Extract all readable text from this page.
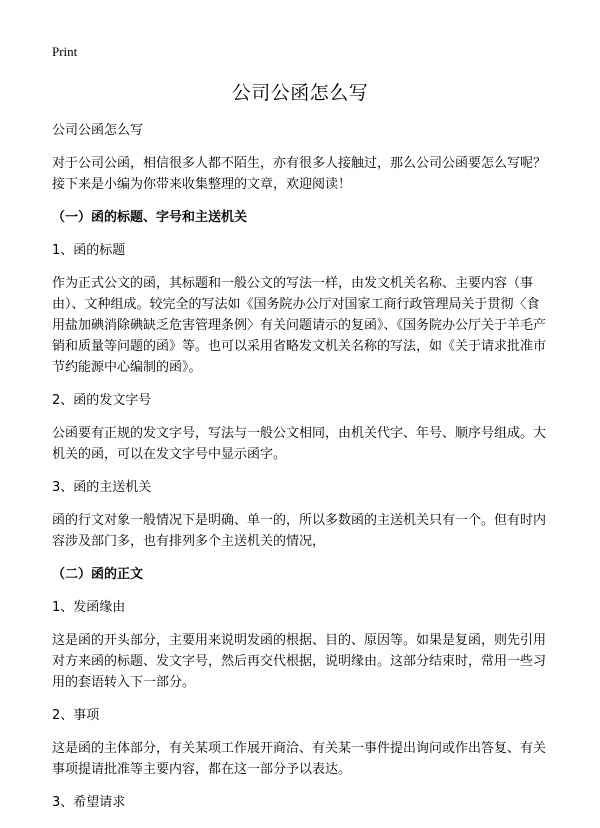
Print
公司公函怎么写

公司公函怎么写

对于公司公函，相信很多人都不陌生，亦有很多人接触过，那么公司公函要怎么写呢？接下来是小编为你带来收集整理的文章，欢迎阅读！

（一）函的标题、字号和主送机关

1、函的标题

作为正式公文的函，其标题和一般公文的写法一样，由发文机关名称、主要内容（事由）、文种组成。较完全的写法如《国务院办公厅对国家工商行政管理局关于贯彻〈食用盐加碘消除碘缺乏危害管理条例〉有关问题请示的复函》、《国务院办公厅关于羊毛产销和质量等问题的函》等。也可以采用省略发文机关名称的写法，如《关于请求批准市节约能源中心编制的函》。

2、函的发文字号

公函要有正规的发文字号，写法与一般公文相同，由机关代字、年号、顺序号组成。大机关的函，可以在发文字号中显示函字。

3、函的主送机关

函的行文对象一般情况下是明确、单一的，所以多数函的主送机关只有一个。但有时内容涉及部门多，也有排列多个主送机关的情况，

（二）函的正文

1、发函缘由

这是函的开头部分，主要用来说明发函的根据、目的、原因等。如果是复函，则先引用对方来函的标题、发文字号，然后再交代根据，说明缘由。这部分结束时，常用一些习用的套语转入下一部分。

2、事项

这是函的主体部分，有关某项工作展开商洽、有关某一事件提出询问或作出答复、有关事项提请批准等主要内容，都在这一部分予以表达。

3、希望请求
